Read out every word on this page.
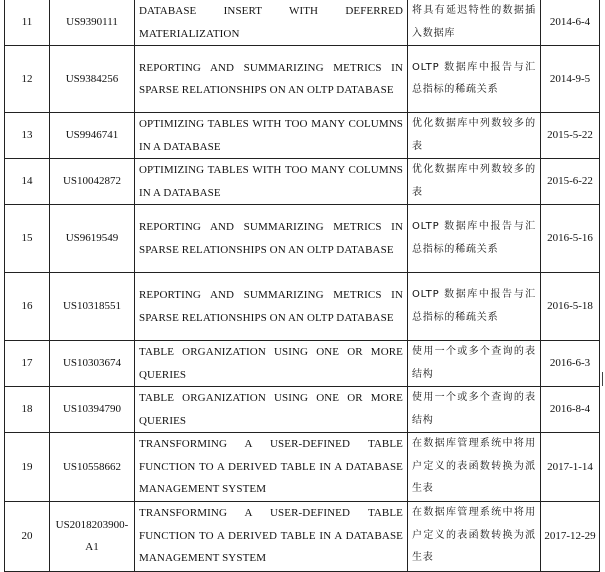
11	US9390111	DATABASE INSERT WITH DEFERRED MATERIALIZATION	将具有延迟特性的数据插入数据库	2014-6-4
12	US9384256	REPORTING AND SUMMARIZING METRICS IN SPARSE RELATIONSHIPS ON AN OLTP DATABASE	OLTP 数据库中报告与汇总指标的稀疏关系	2014-9-5
13	US9946741	OPTIMIZING TABLES WITH TOO MANY COLUMNS IN A DATABASE	优化数据库中列数较多的表	2015-5-22
14	US10042872	OPTIMIZING TABLES WITH TOO MANY COLUMNS IN A DATABASE	优化数据库中列数较多的表	2015-6-22
15	US9619549	REPORTING AND SUMMARIZING METRICS IN SPARSE RELATIONSHIPS ON AN OLTP DATABASE	OLTP 数据库中报告与汇总指标的稀疏关系	2016-5-16
16	US10318551	REPORTING AND SUMMARIZING METRICS IN SPARSE RELATIONSHIPS ON AN OLTP DATABASE	OLTP 数据库中报告与汇总指标的稀疏关系	2016-5-18
17	US10303674	TABLE ORGANIZATION USING ONE OR MORE QUERIES	使用一个或多个查询的表结构	2016-6-3
18	US10394790	TABLE ORGANIZATION USING ONE OR MORE QUERIES	使用一个或多个查询的表结构	2016-8-4
19	US10558662	TRANSFORMING A USER-DEFINED TABLE FUNCTION TO A DERIVED TABLE IN A DATABASE MANAGEMENT SYSTEM	在数据库管理系统中将用户定义的表函数转换为派生表	2017-1-14
20	US2018203900-A1	TRANSFORMING A USER-DEFINED TABLE FUNCTION TO A DERIVED TABLE IN A DATABASE MANAGEMENT SYSTEM	在数据库管理系统中将用户定义的表函数转换为派生表	2017-12-29
